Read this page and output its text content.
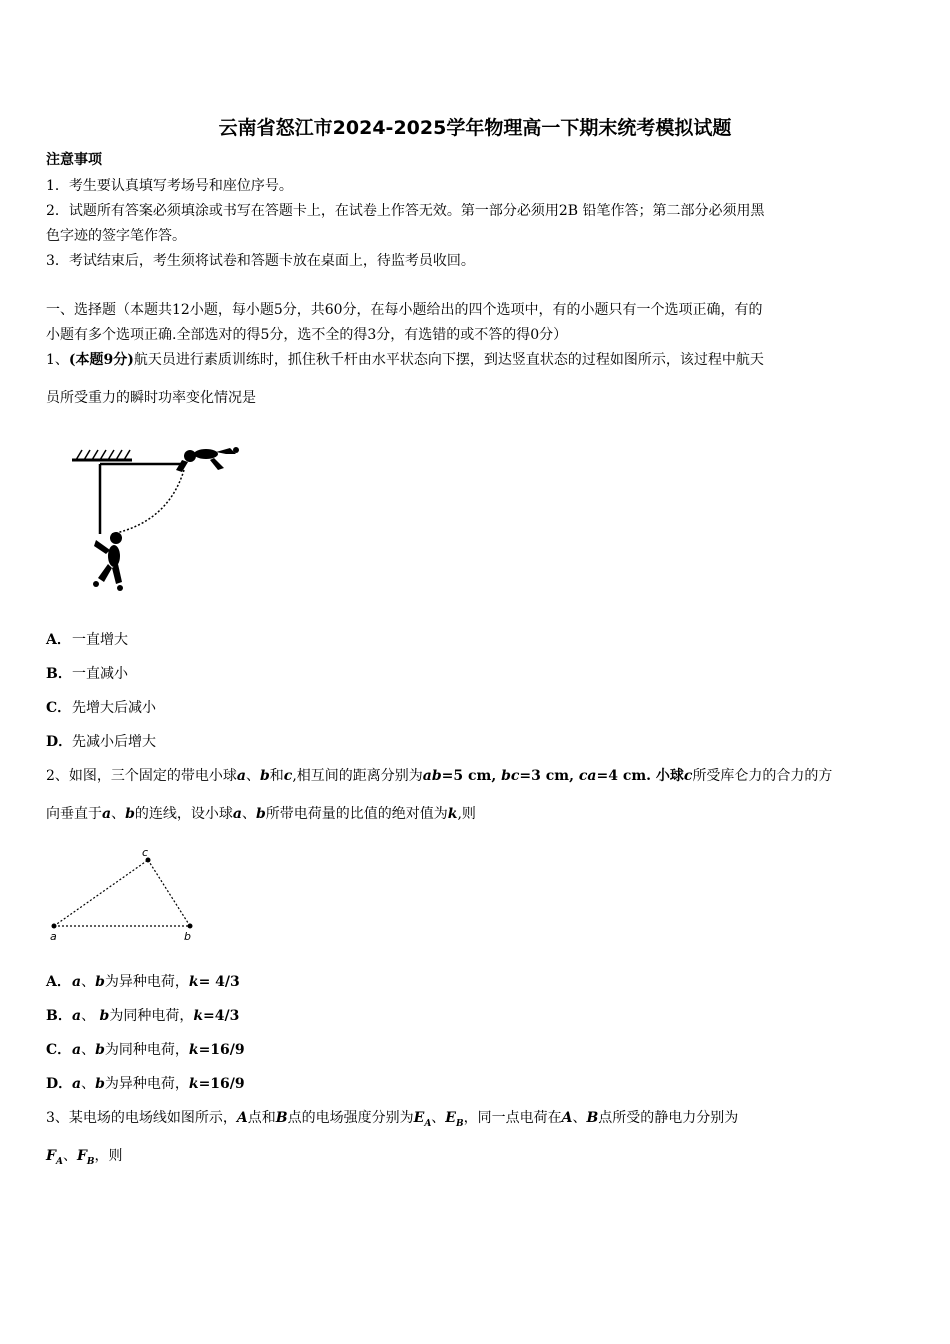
云南省怒江市2024-2025学年物理高一下期末统考模拟试题
注意事项
1．考生要认真填写考场号和座位序号。
2．试题所有答案必须填涂或书写在答题卡上，在试卷上作答无效。第一部分必须用2B 铅笔作答；第二部分必须用黑
色字迹的签字笔作答。
3．考试结束后，考生须将试卷和答题卡放在桌面上，待监考员收回。
一、选择题（本题共12小题，每小题5分，共60分，在每小题给出的四个选项中，有的小题只有一个选项正确，有的
小题有多个选项正确.全部选对的得5分，选不全的得3分，有选错的或不答的得0分）
1、(本题9分)航天员进行素质训练时，抓住秋千杆由水平状态向下摆，到达竖直状态的过程如图所示，该过程中航天
员所受重力的瞬时功率变化情况是
A．一直增大
B．一直减小
C．先增大后减小
D．先减小后增大
2、如图，三个固定的带电小球a、b和c,相互间的距离分别为ab=5 cm, bc=3 cm, ca=4 cm. 小球c所受库仑力的合力的方
向垂直于a、b的连线，设小球a、b所带电荷量的比值的绝对值为k,则
a	b
c
A．a、b为异种电荷，k= 4/3
B．a、 b为同种电荷，k=4/3
C．a、b为同种电荷，k=16/9
D．a、b为异种电荷，k=16/9
3、某电场的电场线如图所示，A点和B点的电场强度分别为$E_A$、$E_B$，同一点电荷在A、B点所受的静电力分别为
$F_A$、$F_B$，则
